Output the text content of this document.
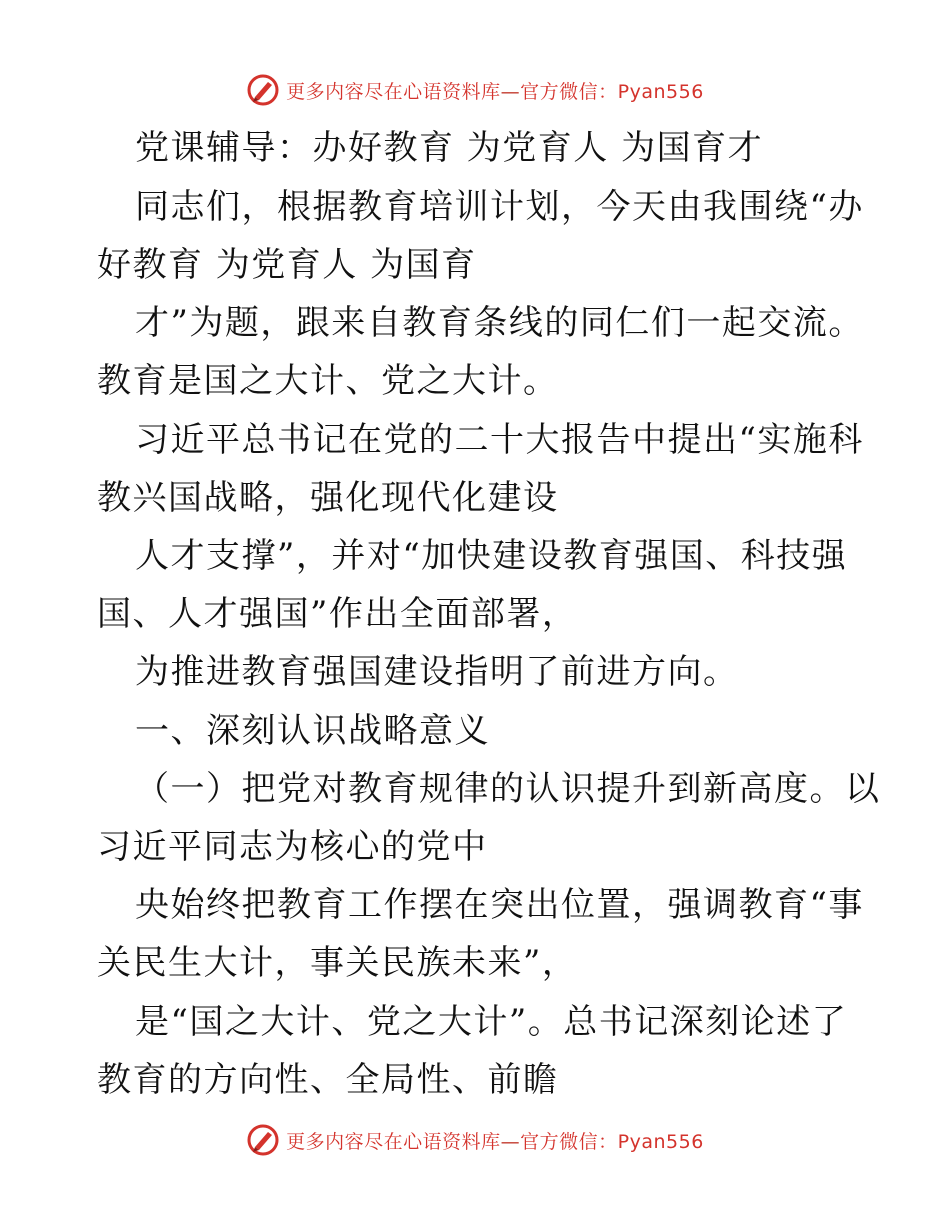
更多内容尽在心语资料库—官方微信：Pyan556
党课辅导：办好教育 为党育人 为国育才
同志们，根据教育培训计划，今天由我围绕“办
好教育 为党育人 为国育
才”为题，跟来自教育条线的同仁们一起交流。
教育是国之大计、党之大计。
习近平总书记在党的二十大报告中提出“实施科
教兴国战略，强化现代化建设
人才支撑”，并对“加快建设教育强国、科技强
国、人才强国”作出全面部署，
为推进教育强国建设指明了前进方向。
一、深刻认识战略意义
（一）把党对教育规律的认识提升到新高度。以
习近平同志为核心的党中
央始终把教育工作摆在突出位置，强调教育“事
关民生大计，事关民族未来”，
是“国之大计、党之大计”。总书记深刻论述了
教育的方向性、全局性、前瞻
更多内容尽在心语资料库—官方微信：Pyan556
